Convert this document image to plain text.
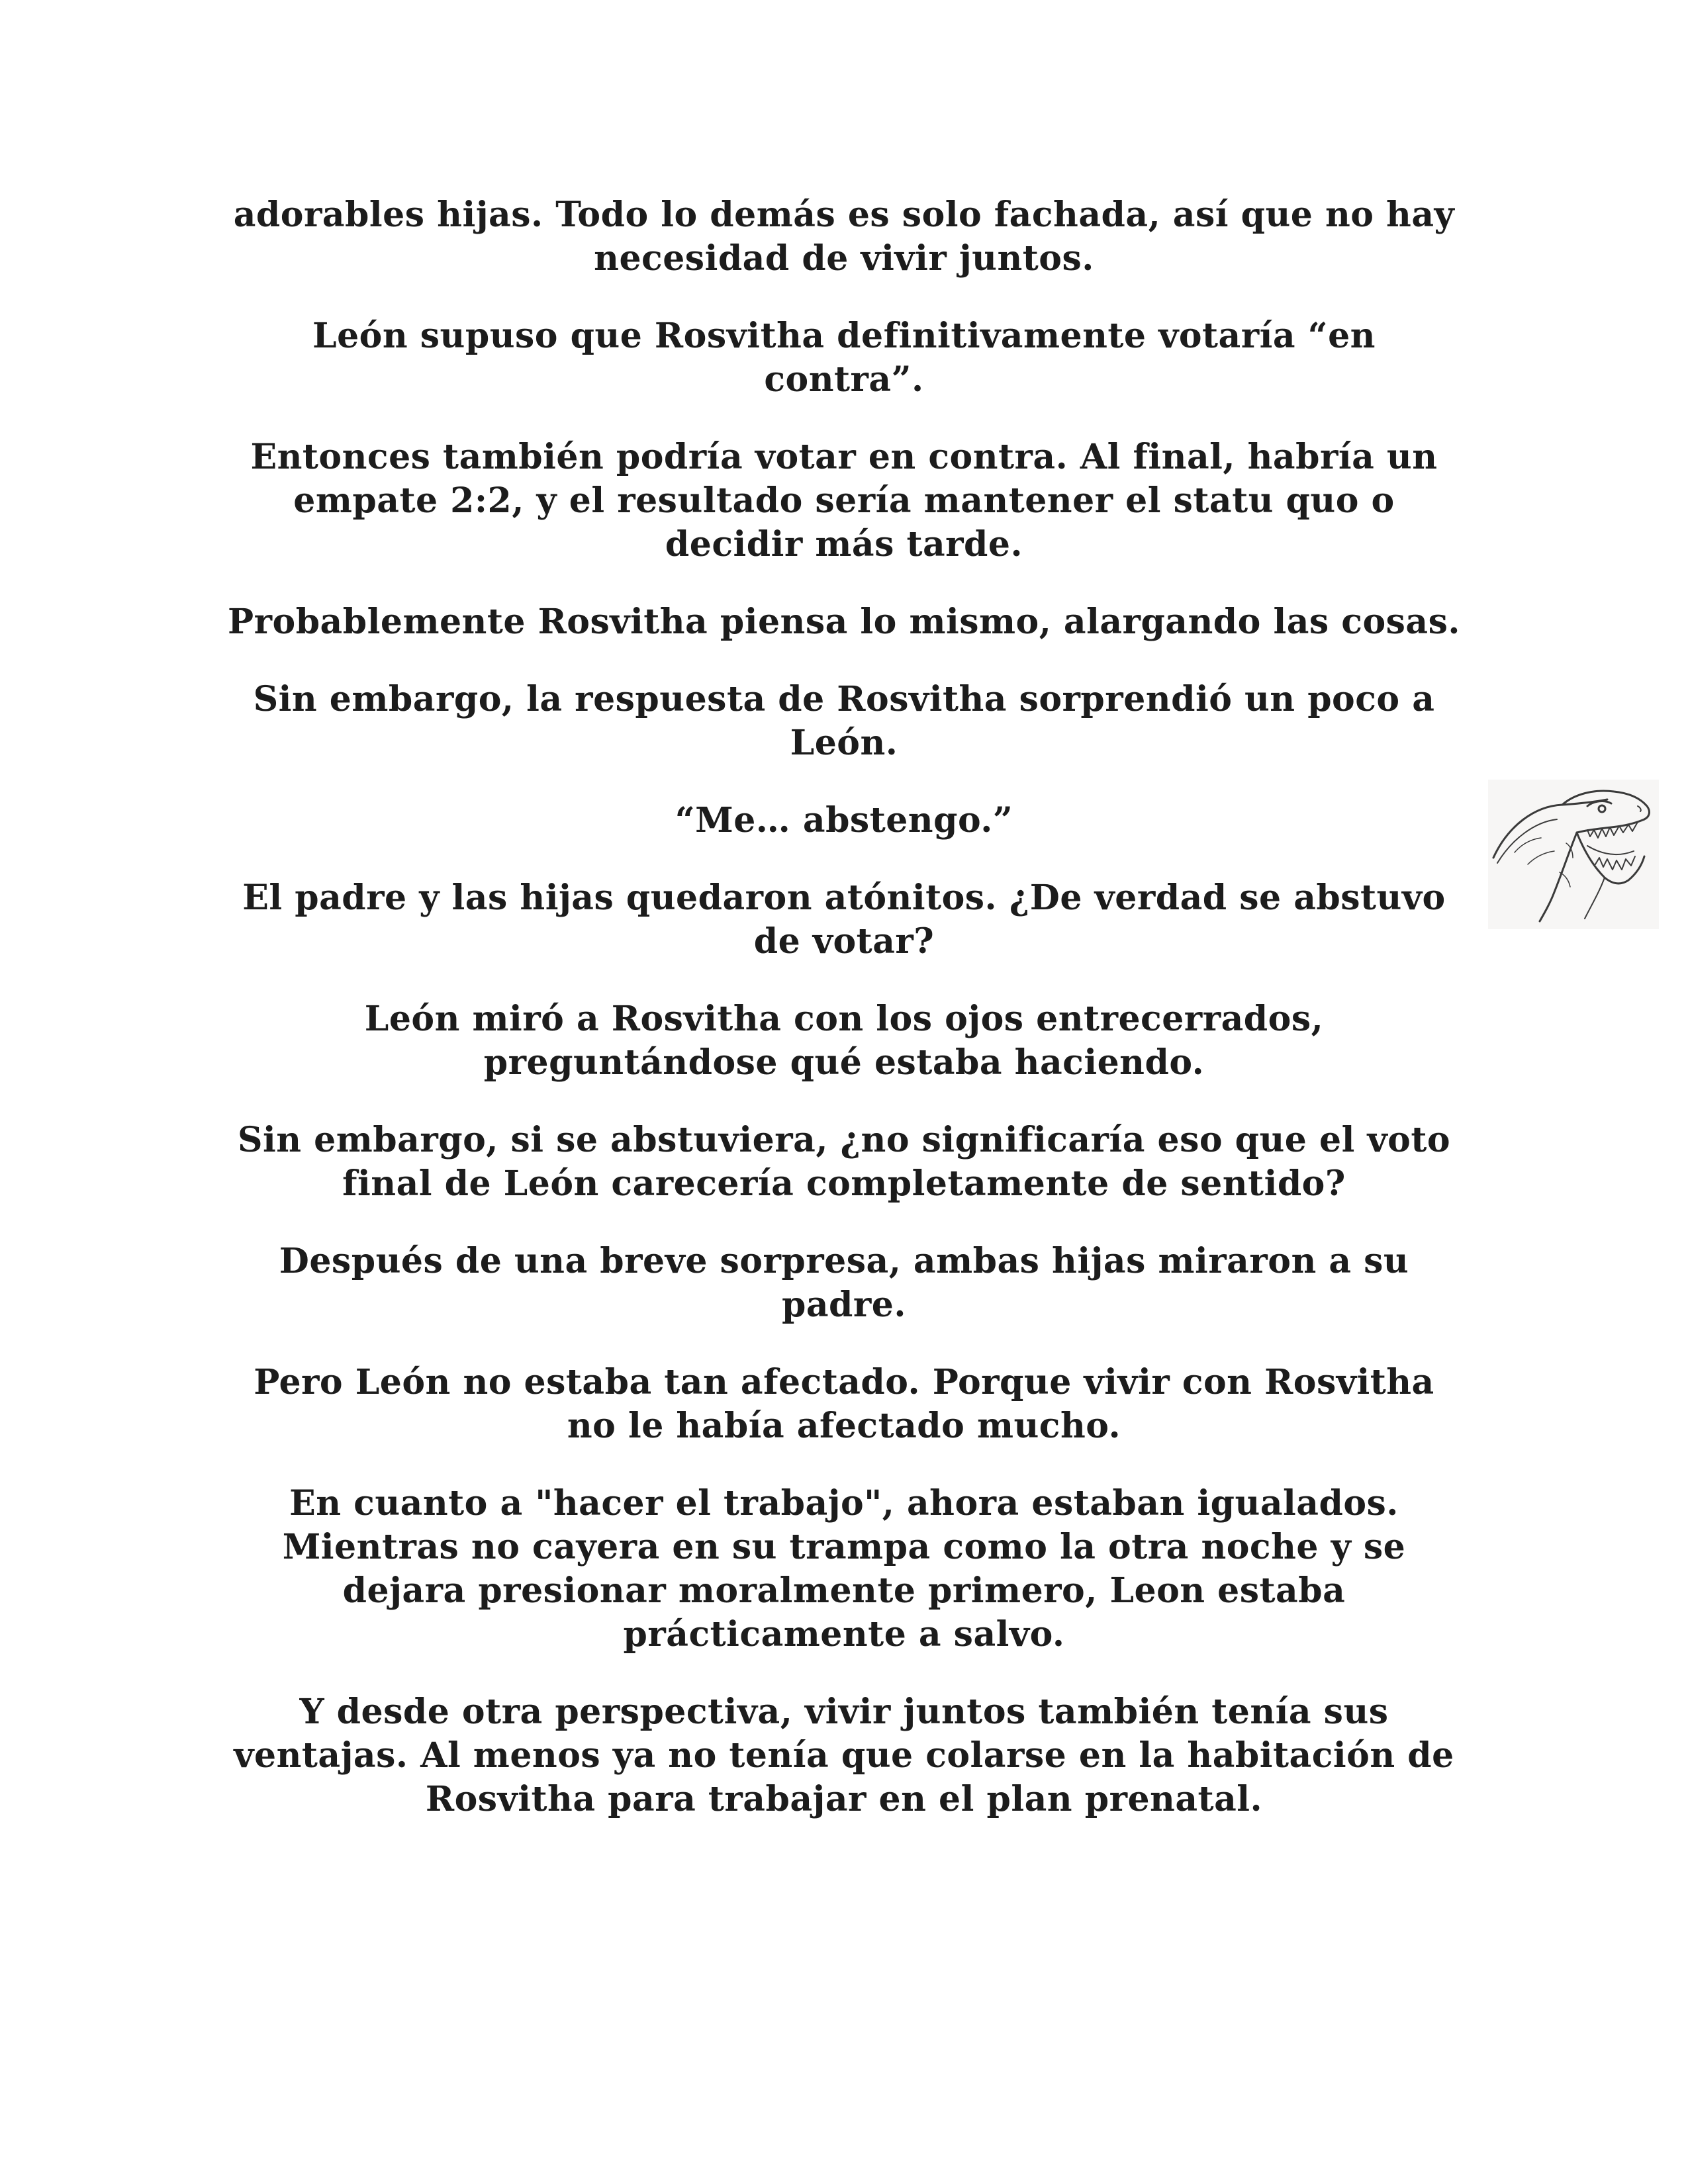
adorables hijas. Todo lo demás es solo fachada, así que no hay
necesidad de vivir juntos.

León supuso que Rosvitha definitivamente votaría “en
contra”.

Entonces también podría votar en contra. Al final, habría un
empate 2:2, y el resultado sería mantener el statu quo o
decidir más tarde.

Probablemente Rosvitha piensa lo mismo, alargando las cosas.

Sin embargo, la respuesta de Rosvitha sorprendió un poco a
León.

“Me… abstengo.”

El padre y las hijas quedaron atónitos. ¿De verdad se abstuvo
de votar?

León miró a Rosvitha con los ojos entrecerrados,
preguntándose qué estaba haciendo.

Sin embargo, si se abstuviera, ¿no significaría eso que el voto
final de León carecería completamente de sentido?

Después de una breve sorpresa, ambas hijas miraron a su
padre.

Pero León no estaba tan afectado. Porque vivir con Rosvitha
no le había afectado mucho.

En cuanto a "hacer el trabajo", ahora estaban igualados.
Mientras no cayera en su trampa como la otra noche y se
dejara presionar moralmente primero, Leon estaba
prácticamente a salvo.

Y desde otra perspectiva, vivir juntos también tenía sus
ventajas. Al menos ya no tenía que colarse en la habitación de
Rosvitha para trabajar en el plan prenatal.
